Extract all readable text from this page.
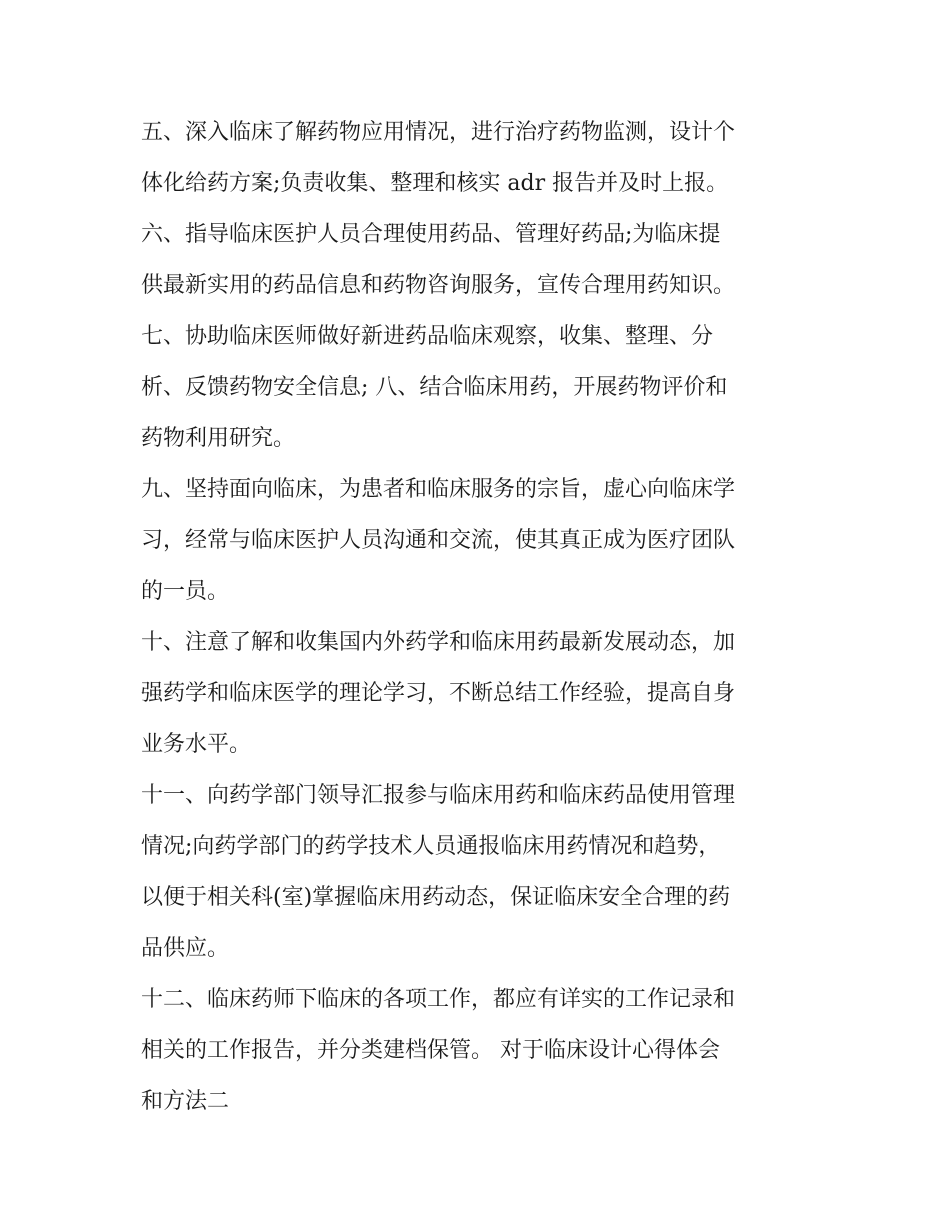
五、深入临床了解药物应用情况，进行治疗药物监测，设计个
体化给药方案;负责收集、整理和核实 adr 报告并及时上报。
六、指导临床医护人员合理使用药品、管理好药品;为临床提
供最新实用的药品信息和药物咨询服务，宣传合理用药知识。
七、协助临床医师做好新进药品临床观察，收集、整理、分
析、反馈药物安全信息; 八、结合临床用药，开展药物评价和
药物利用研究。
九、坚持面向临床，为患者和临床服务的宗旨，虚心向临床学
习，经常与临床医护人员沟通和交流，使其真正成为医疗团队
的一员。
十、注意了解和收集国内外药学和临床用药最新发展动态，加
强药学和临床医学的理论学习，不断总结工作经验，提高自身
业务水平。
十一、向药学部门领导汇报参与临床用药和临床药品使用管理
情况;向药学部门的药学技术人员通报临床用药情况和趋势，
以便于相关科(室)掌握临床用药动态，保证临床安全合理的药
品供应。
十二、临床药师下临床的各项工作，都应有详实的工作记录和
相关的工作报告，并分类建档保管。 对于临床设计心得体会
和方法二
